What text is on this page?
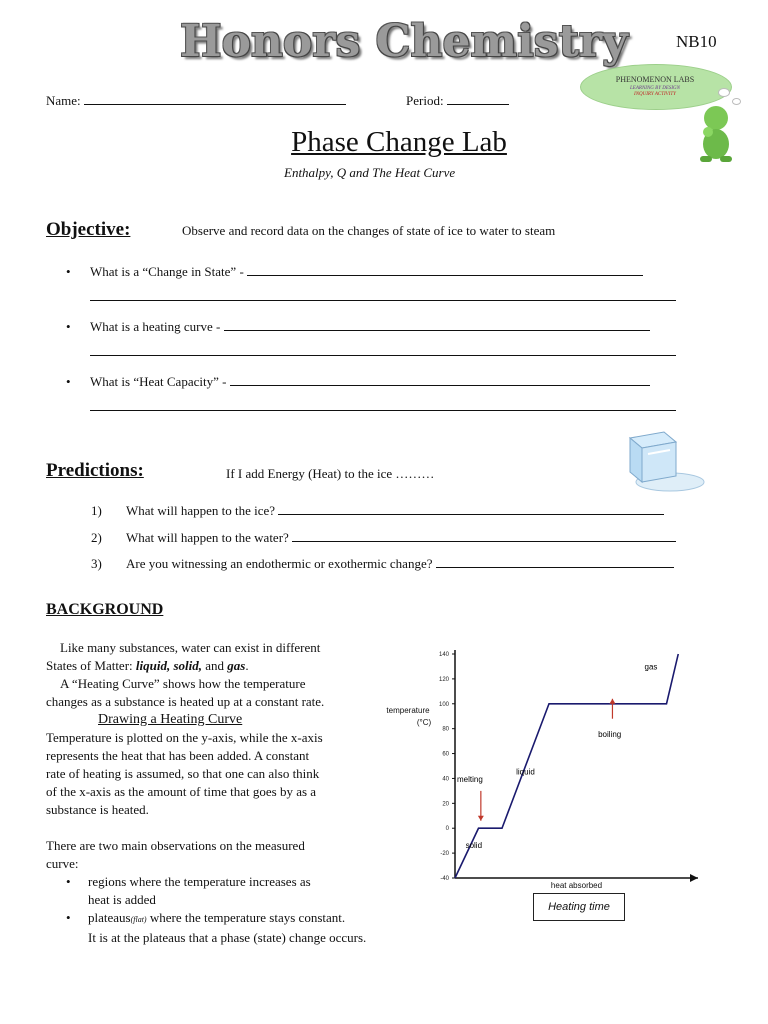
Honors Chemistry	NB10
Name:	Period:
PHENOMENON LABS
LEARNING BY DESIGN
INQUIRY ACTIVITY
Phase Change Lab
Enthalpy, Q and The Heat Curve
Objective:	Observe and record data on the changes of state of ice to water to steam
• What is a “Change in State” -
• What is a heating curve -
• What is “Heat Capacity” -
Predictions:	If I add Energy (Heat) to the ice ………
1) What will happen to the ice?
2) What will happen to the water?
3) Are you witnessing an endothermic or exothermic change?
BACKGROUND
Like many substances, water can exist in different
States of Matter: liquid, solid, and gas.
A “Heating Curve” shows how the temperature
changes as a substance is heated up at a constant rate.
Drawing a Heating Curve
Temperature is plotted on the y-axis, while the x-axis
represents the heat that has been added. A constant
rate of heating is assumed, so that one can also think
of the x-axis as the amount of time that goes by as a
substance is heated.
There are two main observations on the measured
curve:
• regions where the temperature increases as
heat is added
• plateaus(flat) where the temperature stays constant.
It is at the plateaus that a phase (state) change occurs.
140
120
100
80
60
40
20
0
-20
-40
temperature
(°C)
heat absorbed
gas
boiling
liquid
melting
solid
Heating time
